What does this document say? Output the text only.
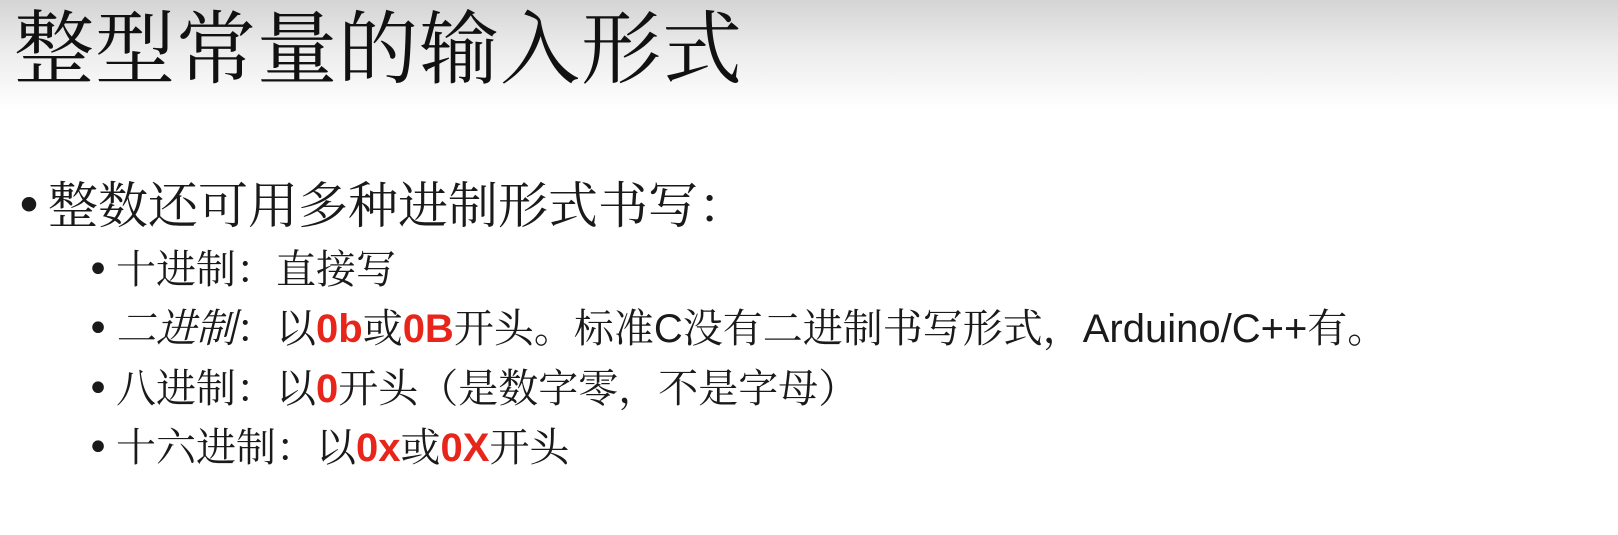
整型常量的输入形式
•整数还可用多种进制形式书写：
• 十进制：直接写
• 二进制：以0b或0B开头。标准C没有二进制书写形式，Arduino/C++有。
• 八进制：以0开头（是数字零，不是字母）
• 十六进制：以0x或0X开头
